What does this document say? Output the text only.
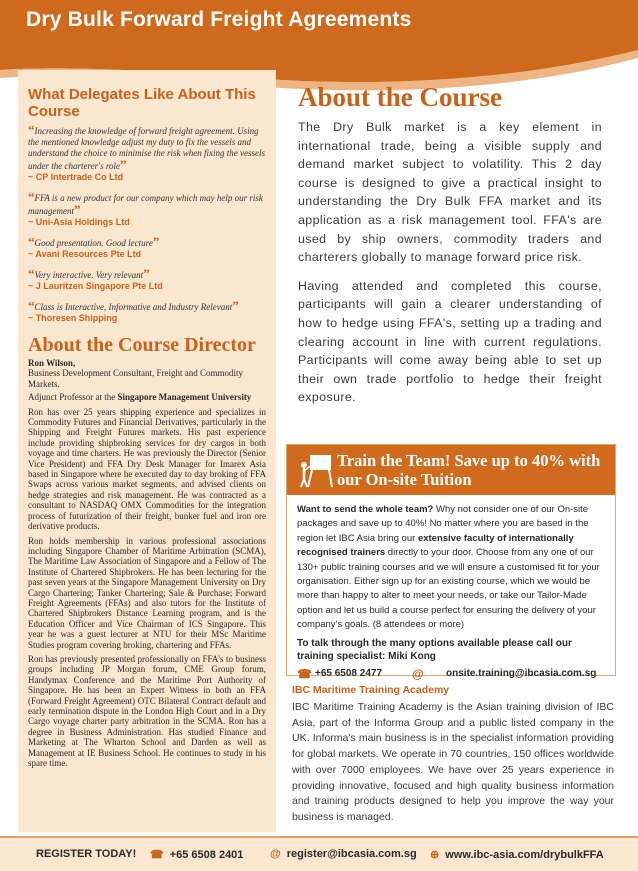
Dry Bulk Forward Freight Agreements
What Delegates Like About This Course
“Increasing the knowledge of forward freight agreement. Using the mentioned knowledge adjust my duty to fix the vessels and understand the choice to minimise the risk when fixing the vessels under the charterer's role”
~ CP Intertrade Co Ltd
“FFA is a new product for our company which may help our risk management”
~ Uni-Asia Holdings Ltd
“Good presentation. Good lecture”
~ Avani Resources Pte Ltd
“Very interactive. Very relevant”
~ J Lauritzen Singapore Pte Ltd
“Class is Interactive, Informative and Industry Relevant”
~ Thoresen Shipping
About the Course Director
Ron Wilson,
Business Development Consultant, Freight and Commodity Markets.
Adjunct Professor at the Singapore Management University
Ron has over 25 years shipping experience and specializes in Commodity Futures and Financial Derivatives, particularly in the Shipping and Freight Futures markets. His past experience include providing shipbroking services for dry cargos in both voyage and time charters. He was previously the Director (Senior Vice President) and FFA Dry Desk Manager for Imarex Asia based in Singapore where he executed day to day broking of FFA Swaps across various market segments, and advised clients on hedge strategies and risk management. He was contracted as a consultant to NASDAQ OMX Commodities for the integration process of futurization of their freight, bunker fuel and iron ore derivative products.
Ron holds membership in various professional associations including Singapore Chamber of Maritime Arbitration (SCMA), The Maritime Law Association of Singapore and a Fellow of The Institute of Chartered Shipbrokers. He has been lecturing for the past seven years at the Singapore Management University on Dry Cargo Chartering; Tanker Chartering; Sale & Purchase; Forward Freight Agreements (FFAs) and also tutors for the Institute of Chartered Shipbrokers Distance Learning program, and is the Education Officer and Vice Chairman of ICS Singapore. This year he was a guest lecturer at NTU for their MSc Maritime Studies program covering broking, chartering and FFAs.
Ron has previously presented professionally on FFA's to business groups including JP Morgan forum, CME Group forum, Handymax Conference and the Maritime Port Authority of Singapore. He has been an Expert Witness in both an FFA (Forward Freight Agreement) OTC Bilateral Contract default and early termination dispute in the London High Court and in a Dry Cargo voyage charter party arbitration in the SCMA. Ron has a degree in Business Administration. Has studied Finance and Marketing at The Wharton School and Darden as well as Management at IE Business School. He continues to study in his spare time.
About the Course

The Dry Bulk market is a key element in international trade, being a visible supply and demand market subject to volatility. This 2 day course is designed to give a practical insight to understanding the Dry Bulk FFA market and its application as a risk management tool. FFA's are used by ship owners, commodity traders and charterers globally to manage forward price risk.

Having attended and completed this course, participants will gain a clearer understanding of how to hedge using FFA's, setting up a trading and clearing account in line with current regulations. Participants will come away being able to set up their own trade portfolio to hedge their freight exposure.

Train the Team! Save up to 40% with our On-site Tuition

Want to send the whole team? Why not consider one of our On-site packages and save up to 40%! No matter where you are based in the region let IBC Asia bring our extensive faculty of internationally recognised trainers directly to your door. Choose from any one of our 130+ public training courses and we will ensure a customised fit for your organisation. Either sign up for an existing course, which we would be more than happy to alter to meet your needs, or take our Tailor-Made option and let us build a course perfect for ensuring the delivery of your company's goals. (8 attendees or more)

To talk through the many options available please call our training specialist: Miki Kong

☎ +65 6508 2477	@	onsite.training@ibcasia.com.sg
IBC Maritime Training Academy

IBC Maritime Training Academy is the Asian training division of IBC Asia, part of the Informa Group and a public listed company in the UK. Informa's main business is in the specialist information providing for global markets. We operate in 70 countries, 150 offices worldwide with over 7000 employees. We have over 25 years experience in providing innovative, focused and high quality business information and training products designed to help you improve the way your business is managed.

REGISTER TODAY! ☎ +65 6508 2401 @ register@ibcasia.com.sg ⊕ www.ibc-asia.com/drybulkFFA
